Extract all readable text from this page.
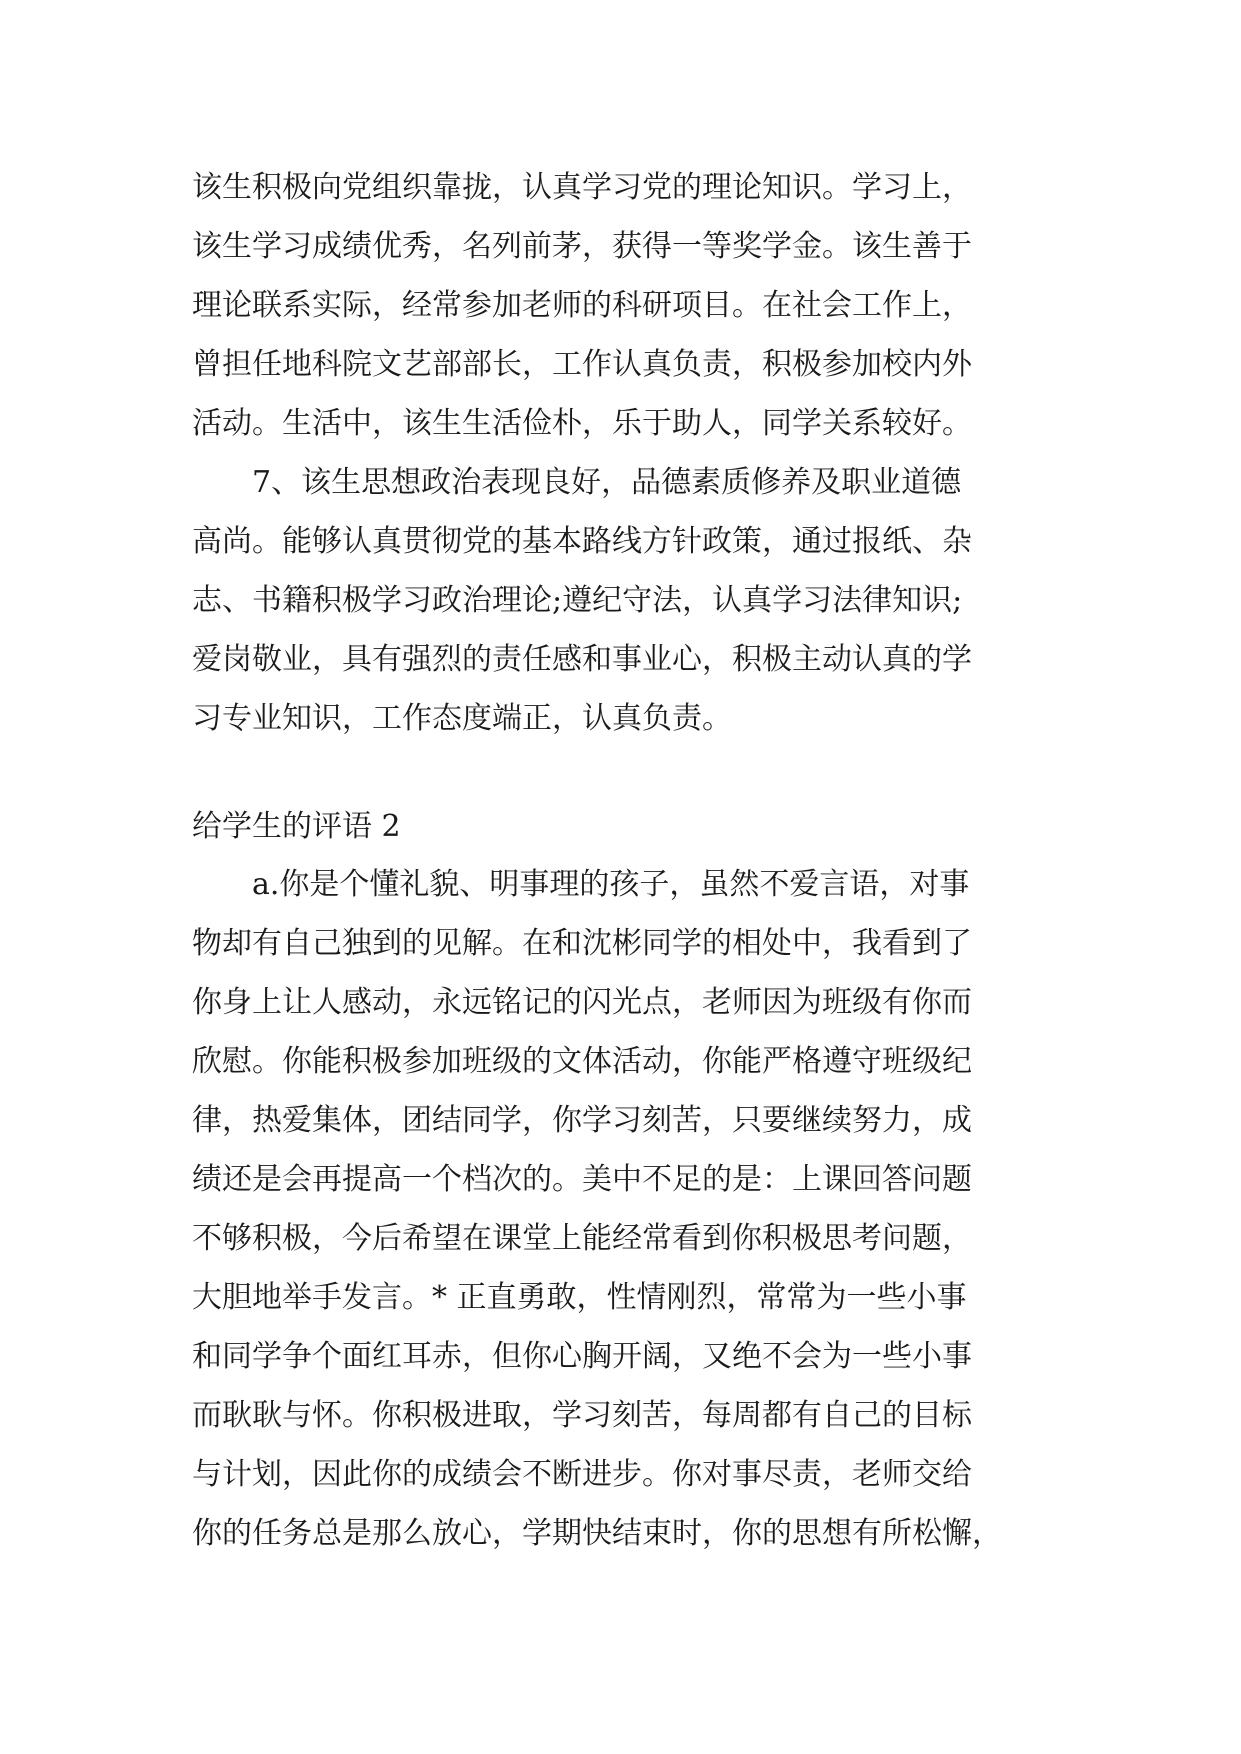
该生积极向党组织靠拢，认真学习党的理论知识。学习上，
该生学习成绩优秀，名列前茅，获得一等奖学金。该生善于
理论联系实际，经常参加老师的科研项目。在社会工作上，
曾担任地科院文艺部部长，工作认真负责，积极参加校内外
活动。生活中，该生生活俭朴，乐于助人，同学关系较好。
7、该生思想政治表现良好，品德素质修养及职业道德
高尚。能够认真贯彻党的基本路线方针政策，通过报纸、杂
志、书籍积极学习政治理论;遵纪守法，认真学习法律知识;
爱岗敬业，具有强烈的责任感和事业心，积极主动认真的学
习专业知识，工作态度端正，认真负责。
给学生的评语 2
a.你是个懂礼貌、明事理的孩子，虽然不爱言语，对事
物却有自己独到的见解。在和沈彬同学的相处中，我看到了
你身上让人感动，永远铭记的闪光点，老师因为班级有你而
欣慰。你能积极参加班级的文体活动，你能严格遵守班级纪
律，热爱集体，团结同学，你学习刻苦，只要继续努力，成
绩还是会再提高一个档次的。美中不足的是：上课回答问题
不够积极，今后希望在课堂上能经常看到你积极思考问题，
大胆地举手发言。* 正直勇敢，性情刚烈，常常为一些小事
和同学争个面红耳赤，但你心胸开阔，又绝不会为一些小事
而耿耿与怀。你积极进取，学习刻苦，每周都有自己的目标
与计划，因此你的成绩会不断进步。你对事尽责，老师交给
你的任务总是那么放心，学期快结束时，你的思想有所松懈，
